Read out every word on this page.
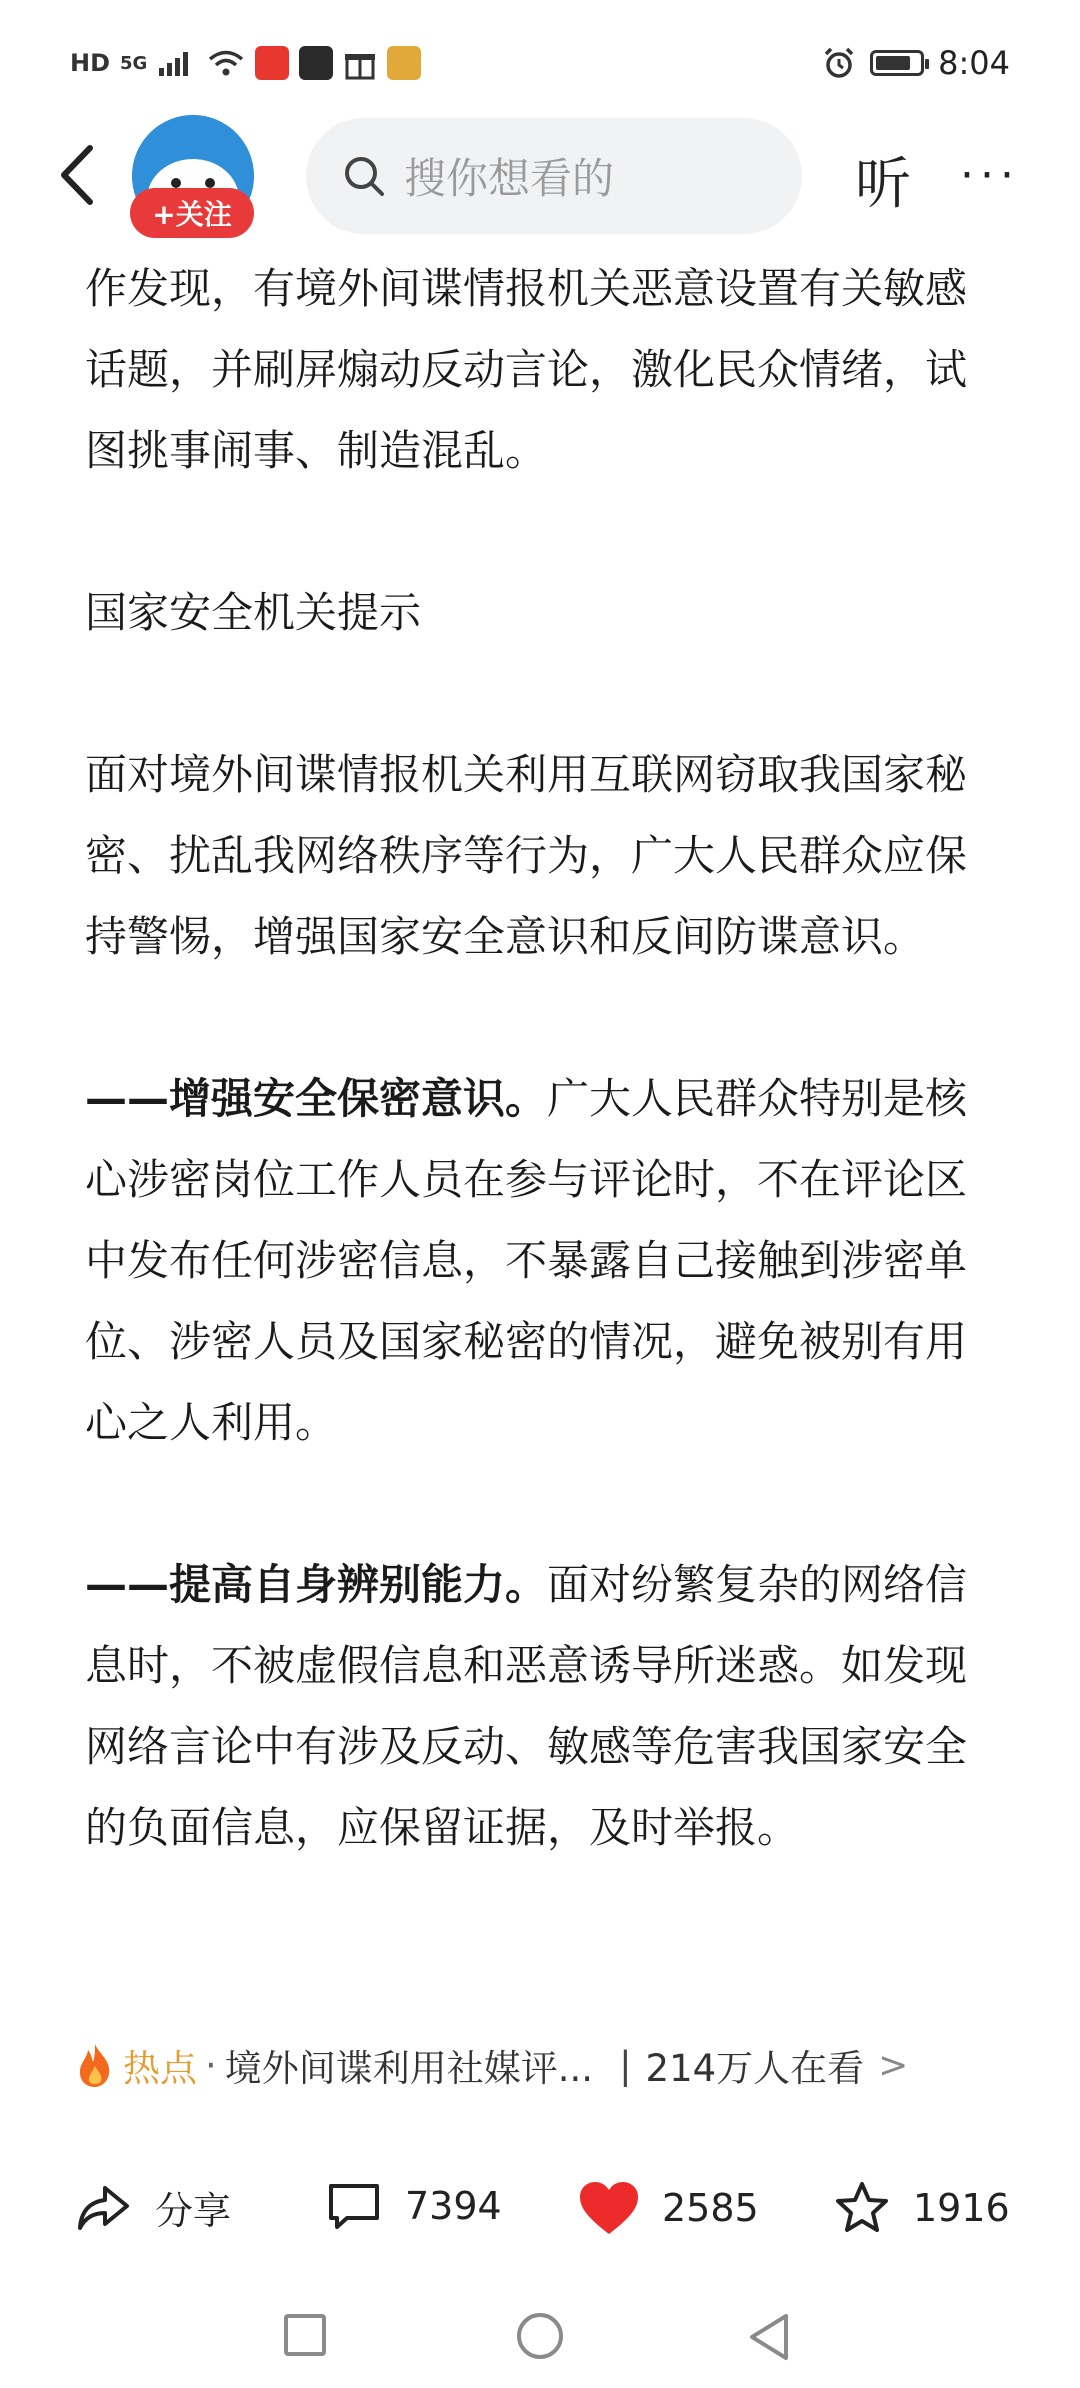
HD 5G	8:04
+关注
搜你想看的	听 ···

作发现，有境外间谍情报机关恶意设置有关敏感话题，并刷屏煽动反动言论，激化民众情绪，试图挑事闹事、制造混乱。

国家安全机关提示

面对境外间谍情报机关利用互联网窃取我国家秘密、扰乱我网络秩序等行为，广大人民群众应保持警惕，增强国家安全意识和反间防谍意识。

——增强安全保密意识。广大人民群众特别是核心涉密岗位工作人员在参与评论时，不在评论区中发布任何涉密信息，不暴露自己接触到涉密单位、涉密人员及国家秘密的情况，避免被别有用心之人利用。

——提高自身辨别能力。面对纷繁复杂的网络信息时，不被虚假信息和恶意诱导所迷惑。如发现网络言论中有涉及反动、敏感等危害我国家安全的负面信息，应保留证据，及时举报。

热点 · 境外间谍利用社媒评... | 214万人在看 >
分享	7394	2585	1916
